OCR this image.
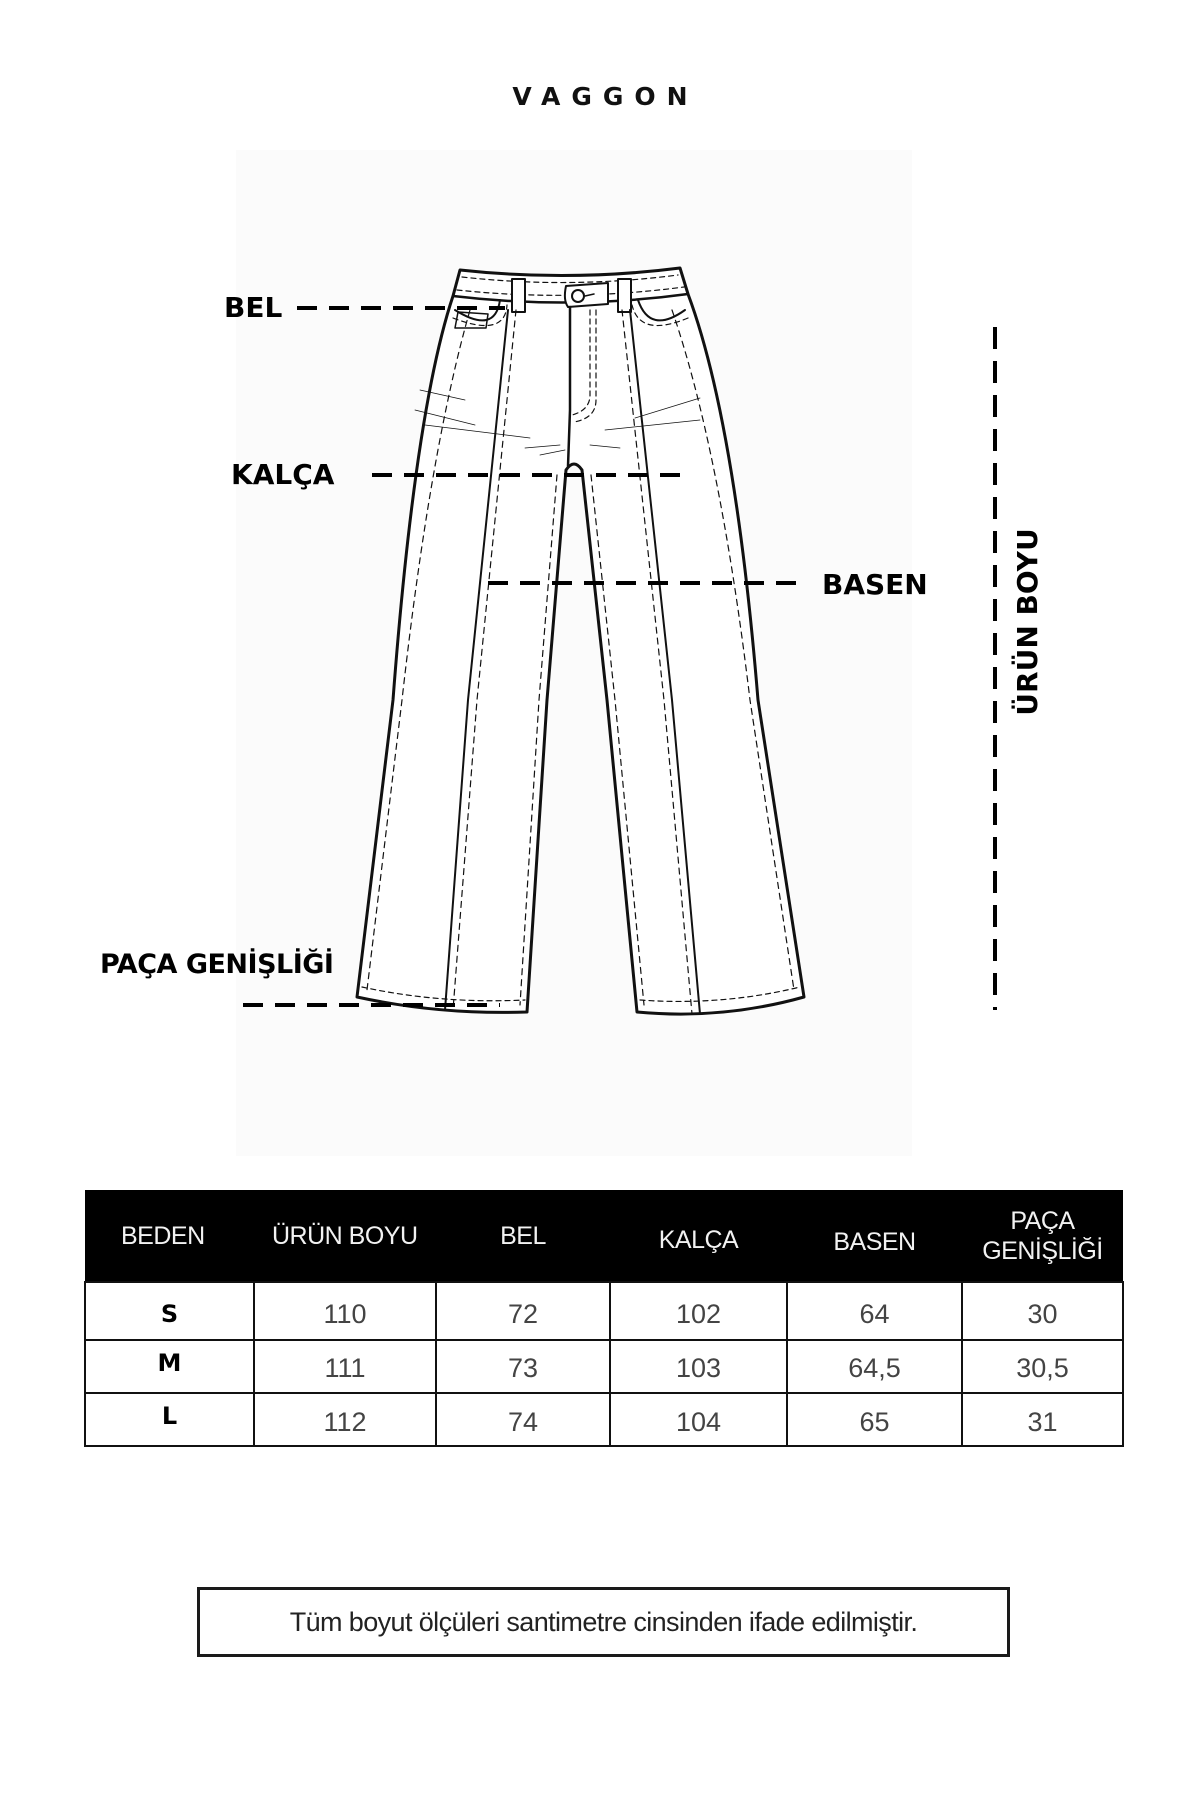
VAGGON
BEL
KALÇA
BASEN
PAÇA GENİŞLİĞİ
ÜRÜN BOYU
BEDEN	ÜRÜN BOYU	BEL	KALÇA	BASEN	PAÇA
GENİŞLİĞİ

S	110	72	102	64	30
M	111	73	103	64,5	30,5
L	112	74	104	65	31
Tüm boyut ölçüleri santimetre cinsinden ifade edilmiştir.
